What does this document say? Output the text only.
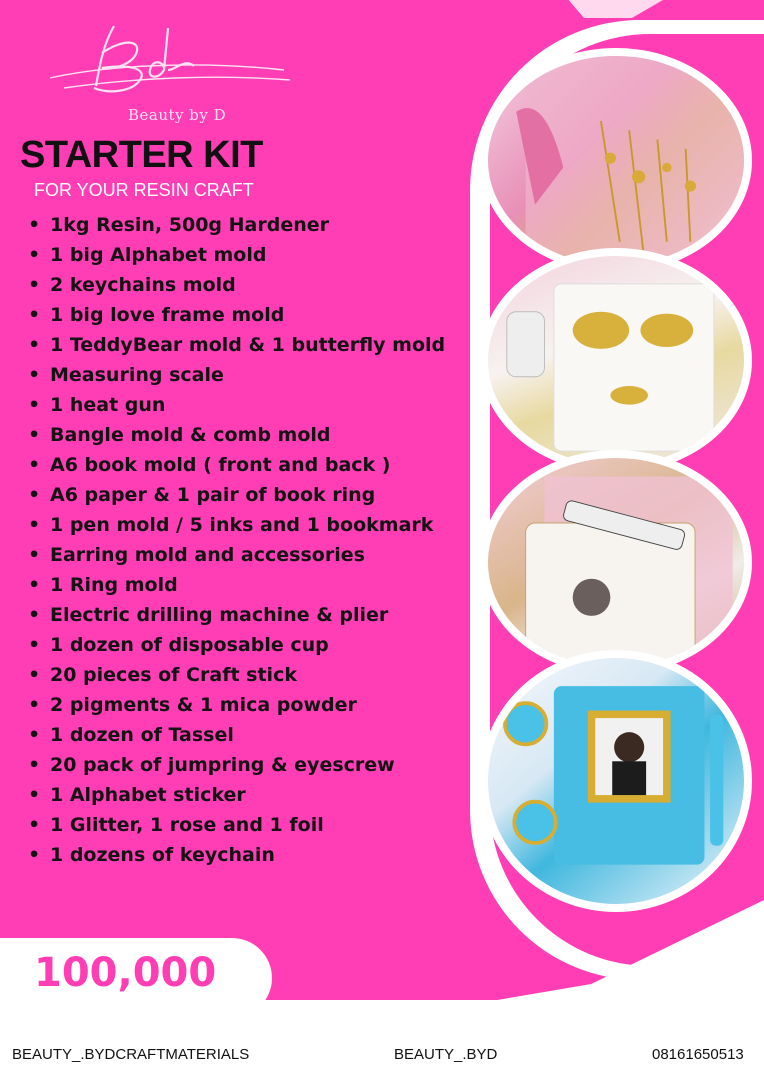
Beauty by D
STARTER KIT
FOR YOUR RESIN CRAFT
• 1kg Resin, 500g Hardener
• 1 big Alphabet mold
• 2 keychains mold
• 1 big love frame mold
• 1 TeddyBear mold & 1 butterfly mold
• Measuring scale
• 1 heat gun
• Bangle mold & comb mold
• A6 book mold ( front and back )
• A6 paper & 1 pair of book ring
• 1 pen mold / 5 inks and 1 bookmark
• Earring mold and accessories
• 1 Ring mold
• Electric drilling machine & plier
• 1 dozen of disposable cup
• 20 pieces of Craft stick
• 2 pigments & 1 mica powder
• 1 dozen of Tassel
• 20 pack of jumpring & eyescrew
• 1 Alphabet sticker
• 1 Glitter, 1 rose and 1 foil
• 1 dozens of keychain
100,000
BEAUTY_.BYDCRAFTMATERIALS	BEAUTY_.BYD	08161650513
